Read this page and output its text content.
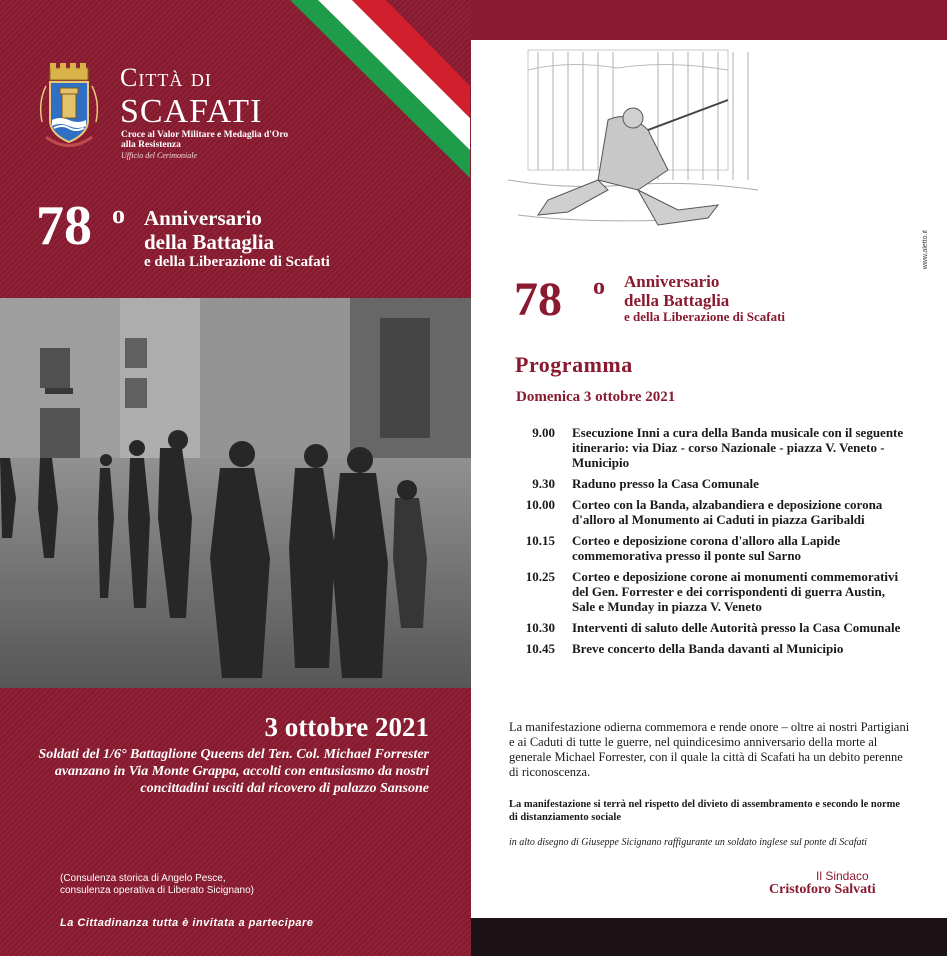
Città di
SCAFATI
Croce al Valor Militare e Medaglia d'Oro alla Resistenza
Ufficio del Cerimoniale
78 o Anniversario
della Battaglia
e della Liberazione di Scafati
3 ottobre 2021
Soldati del 1/6° Battaglione Queens del Ten. Col. Michael Forrester avanzano in Via Monte Grappa, accolti con entusiasmo da nostri concittadini usciti dal ricovero di palazzo Sansone
(Consulenza storica di Angelo Pesce,
consulenza operativa di Liberato Sicignano)
La Cittadinanza tutta è invitata a partecipare
www.aletto.it
78 o Anniversario
della Battaglia
e della Liberazione di Scafati
Programma
Domenica 3 ottobre 2021
9.00	Esecuzione Inni a cura della Banda musicale con il seguente itinerario: via Diaz - corso Nazionale - piazza V. Veneto - Municipio
9.30	Raduno presso la Casa Comunale
10.00	Corteo con la Banda, alzabandiera e deposizione corona d'alloro al Monumento ai Caduti in piazza Garibaldi
10.15	Corteo e deposizione corona d'alloro alla Lapide commemorativa presso il ponte sul Sarno
10.25	Corteo e deposizione corone ai monumenti commemorativi del Gen. Forrester e dei corrispondenti di guerra Austin, Sale e Munday in piazza V. Veneto
10.30	Interventi di saluto delle Autorità presso la Casa Comunale
10.45	Breve concerto della Banda davanti al Municipio
La manifestazione odierna commemora e rende onore – oltre ai nostri Partigiani e ai Caduti di tutte le guerre, nel quindicesimo anniversario della morte al generale Michael Forrester, con il quale la città di Scafati ha un debito perenne di riconoscenza.
La manifestazione si terrà nel rispetto del divieto di assembramento e secondo le norme di distanziamento sociale
in alto disegno di Giuseppe Sicignano raffigurante un soldato inglese sul ponte di Scafati
Il Sindaco
Cristoforo Salvati
